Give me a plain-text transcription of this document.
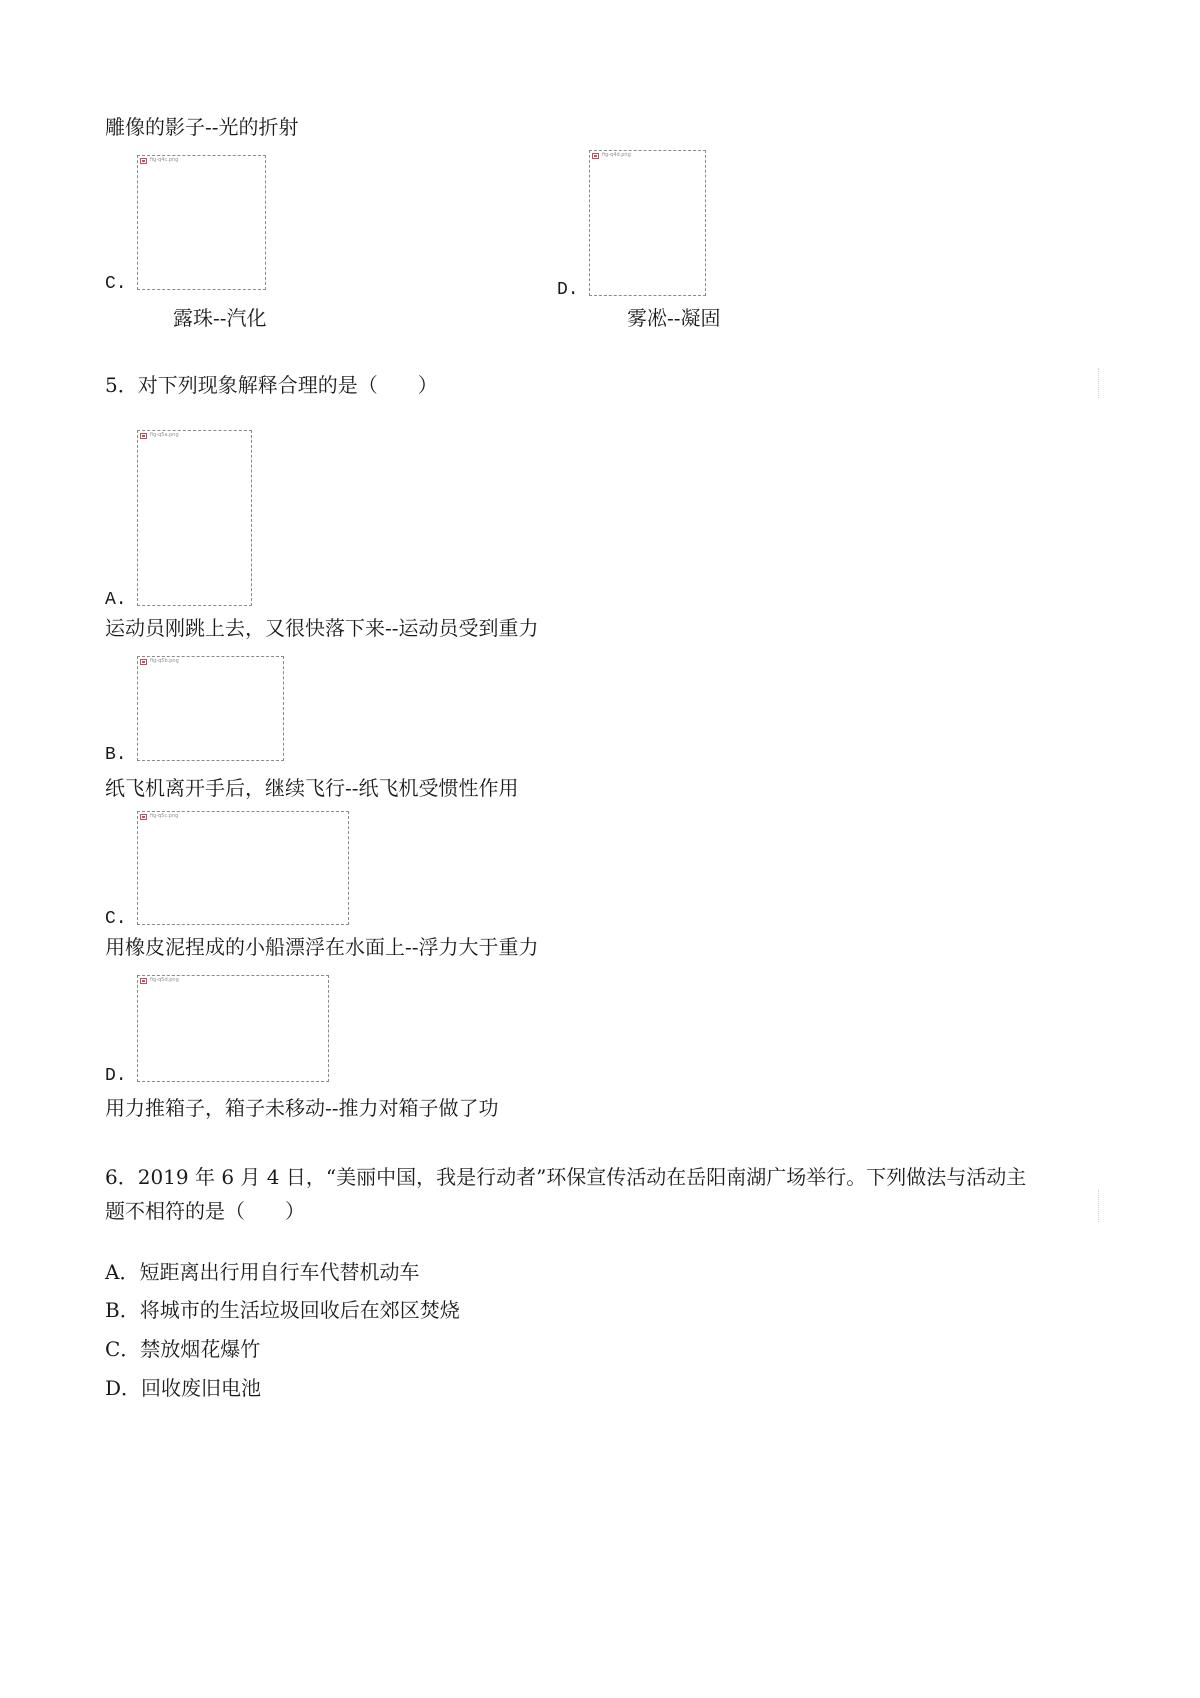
雕像的影子--光的折射
fig-q4c.png
C.
露珠--汽化
fig-q4d.png
D.
雾凇--凝固
5．对下列现象解释合理的是（　　）
fig-q5a.png
A.
运动员刚跳上去，又很快落下来--运动员受到重力
fig-q5b.png
B.
纸飞机离开手后，继续飞行--纸飞机受惯性作用
fig-q5c.png
C.
用橡皮泥捏成的小船漂浮在水面上--浮力大于重力
fig-q5d.png
D.
用力推箱子，箱子未移动--推力对箱子做了功
6．2019 年 6 月 4 日，“美丽中国，我是行动者”环保宣传活动在岳阳南湖广场举行。下列做法与活动主
题不相符的是（　　）
A．短距离出行用自行车代替机动车
B．将城市的生活垃圾回收后在郊区焚烧
C．禁放烟花爆竹
D．回收废旧电池
